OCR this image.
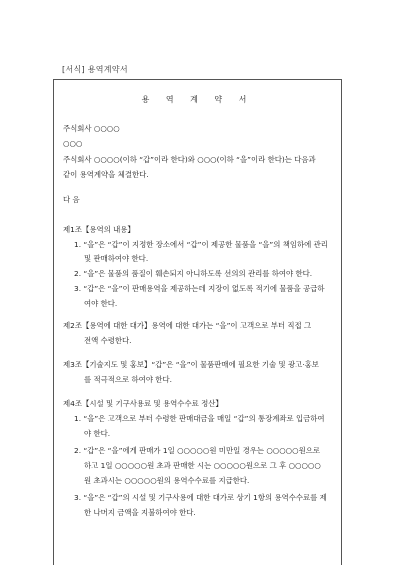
[서식] 용역계약서
용 역 계 약 서
주식회사 ○○○○
○○○
주식회사 ○○○○(이하 “갑”이라 한다)와 ○○○(이하 “을”이라 한다)는 다음과
같이 용역계약을 체결한다.
다 음
제1조【용역의 내용】
1. “을”은 “갑”이 지정한 장소에서 “갑”이 제공한 물품을 “을”의 책임하에 관리
및 판매하여야 한다.
2. “을”은 물품의 품질이 훼손되지 아니하도록 선의의 관리를 하여야 한다.
3. “갑”은 “을”이 판매용역을 제공하는데 지장이 없도록 적기에 물품을 공급하
여야 한다.
제2조【용역에 대한 대가】용역에 대한 대가는 “을”이 고객으로 부터 직접 그
전액 수령한다.
제3조【기술지도 및 홍보】“갑”은 “을”이 물품판매에 필요한 기술 및 광고·홍보
를 적극적으로 하여야 한다.
제4조【시설 및 기구사용료 및 용역수수료 정산】
1. “을”은 고객으로 부터 수령한 판매대금을 매일 “갑”의 통장계좌로 입금하여
야 한다.
2. “갑”은 “을”에게 판매가 1일 ○○○○○원 미만일 경우는 ○○○○○원으로
하고 1일 ○○○○○원 초과 판매한 시는 ○○○○○원으로 그 후 ○○○○○
원 초과시는 ○○○○○원의 용역수수료를 지급한다.
3. “을”은 “갑”의 시설 및 기구사용에 대한 대가로 상기 1항의 용역수수료를 제
한 나머지 금액을 지불하여야 한다.
